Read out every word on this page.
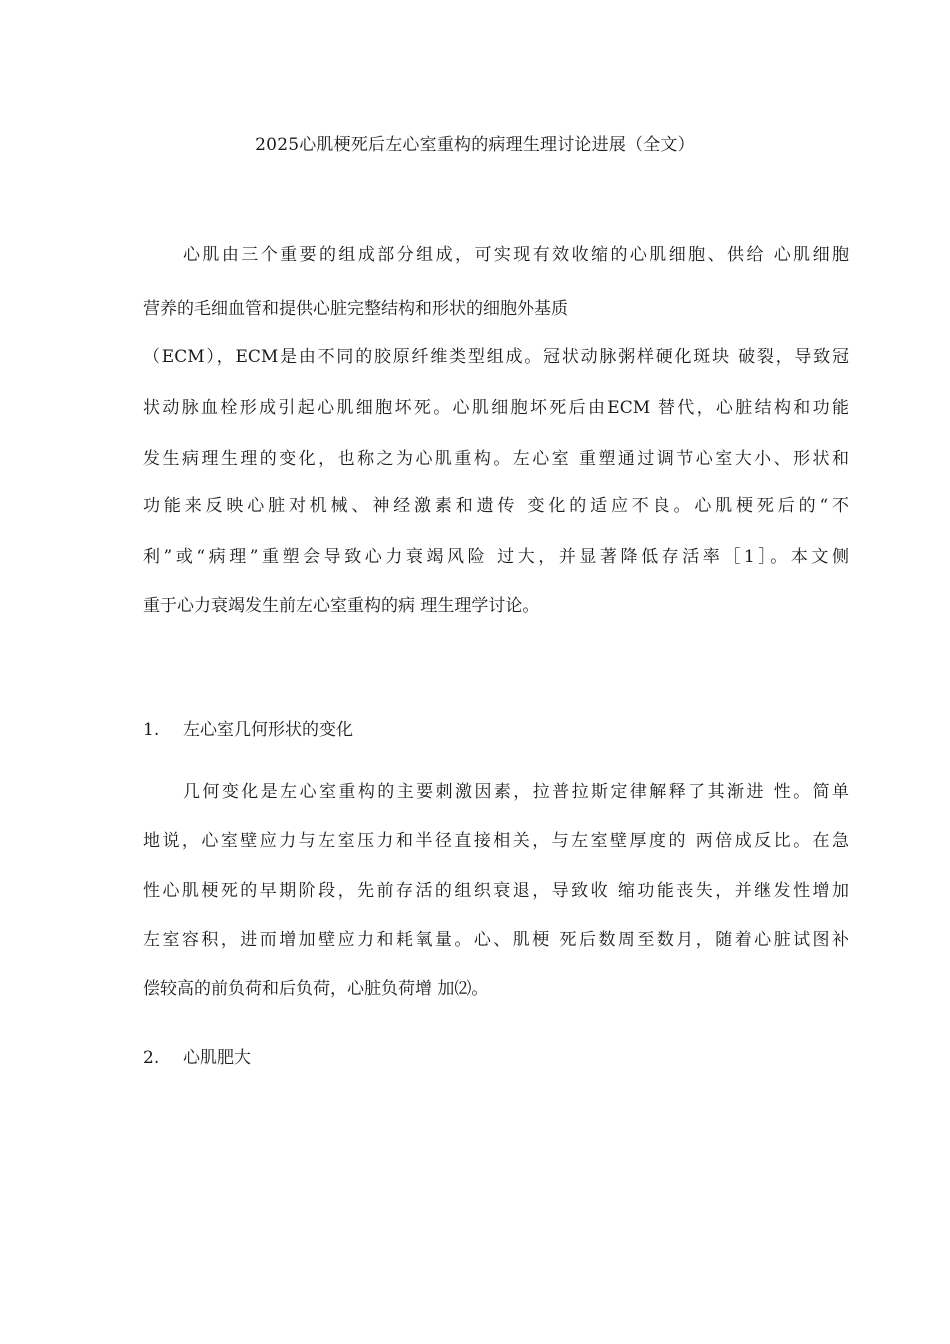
2025心肌梗死后左心室重构的病理生理讨论进展（全文）
心肌由三个重要的组成部分组成，可实现有效收缩的心肌细胞、供给 心肌细胞
营养的毛细血管和提供心脏完整结构和形状的细胞外基质
（ECM），ECM是由不同的胶原纤维类型组成。冠状动脉粥样硬化斑块 破裂，导致冠
状动脉血栓形成引起心肌细胞坏死。心肌细胞坏死后由ECM 替代，心脏结构和功能
发生病理生理的变化，也称之为心肌重构。左心室 重塑通过调节心室大小、形状和
功能来反映心脏对机械、神经激素和遗传 变化的适应不良。心肌梗死后的“不
利”或“病理”重塑会导致心力衰竭风险 过大，并显著降低存活率［1］。本文侧
重于心力衰竭发生前左心室重构的病 理生理学讨论。
1. 左心室几何形状的变化
几何变化是左心室重构的主要刺激因素，拉普拉斯定律解释了其渐进 性。简单
地说，心室壁应力与左室压力和半径直接相关，与左室壁厚度的 两倍成反比。在急
性心肌梗死的早期阶段，先前存活的组织衰退，导致收 缩功能丧失，并继发性增加
左室容积，进而增加壁应力和耗氧量。心、肌梗 死后数周至数月，随着心脏试图补
偿较高的前负荷和后负荷，心脏负荷增 加⑵。
2. 心肌肥大
